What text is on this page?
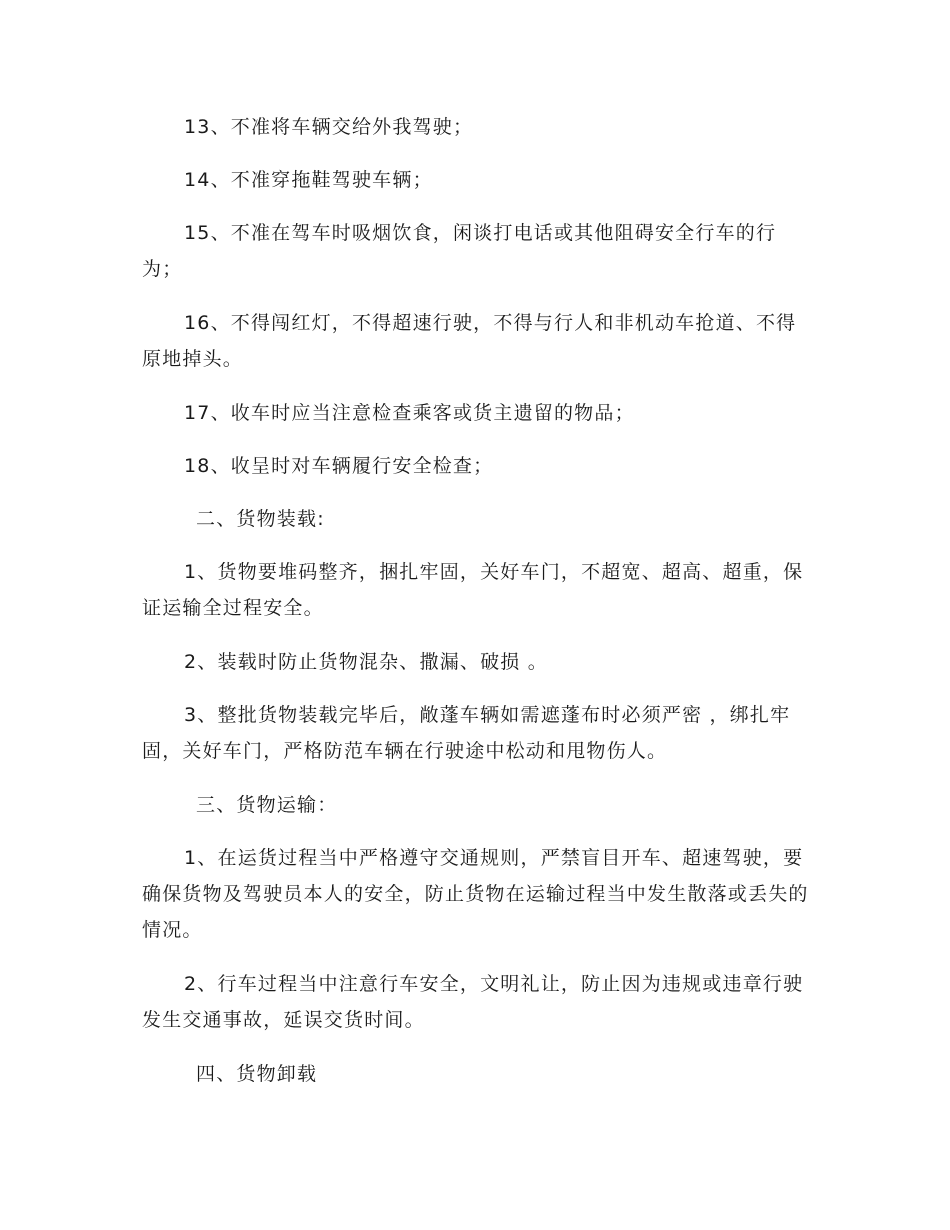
13、不准将车辆交给外我驾驶；

14、不准穿拖鞋驾驶车辆；

15、不准在驾车时吸烟饮食，闲谈打电话或其他阻碍安全行车的行为；

16、不得闯红灯，不得超速行驶，不得与行人和非机动车抢道、不得原地掉头。

17、收车时应当注意检查乘客或货主遗留的物品；

18、收呈时对车辆履行安全检查；

二、货物装载:

1、货物要堆码整齐，捆扎牢固，关好车门，不超宽、超高、超重，保证运输全过程安全。

2、装载时防止货物混杂、撒漏、破损 。

3、整批货物装载完毕后，敞蓬车辆如需遮蓬布时必须严密 ，绑扎牢固，关好车门，严格防范车辆在行驶途中松动和甩物伤人。

三、货物运输：

1、在运货过程当中严格遵守交通规则，严禁盲目开车、超速驾驶，要确保货物及驾驶员本人的安全，防止货物在运输过程当中发生散落或丢失的情况。

2、行车过程当中注意行车安全，文明礼让，防止因为违规或违章行驶发生交通事故，延误交货时间。

四、货物卸载
